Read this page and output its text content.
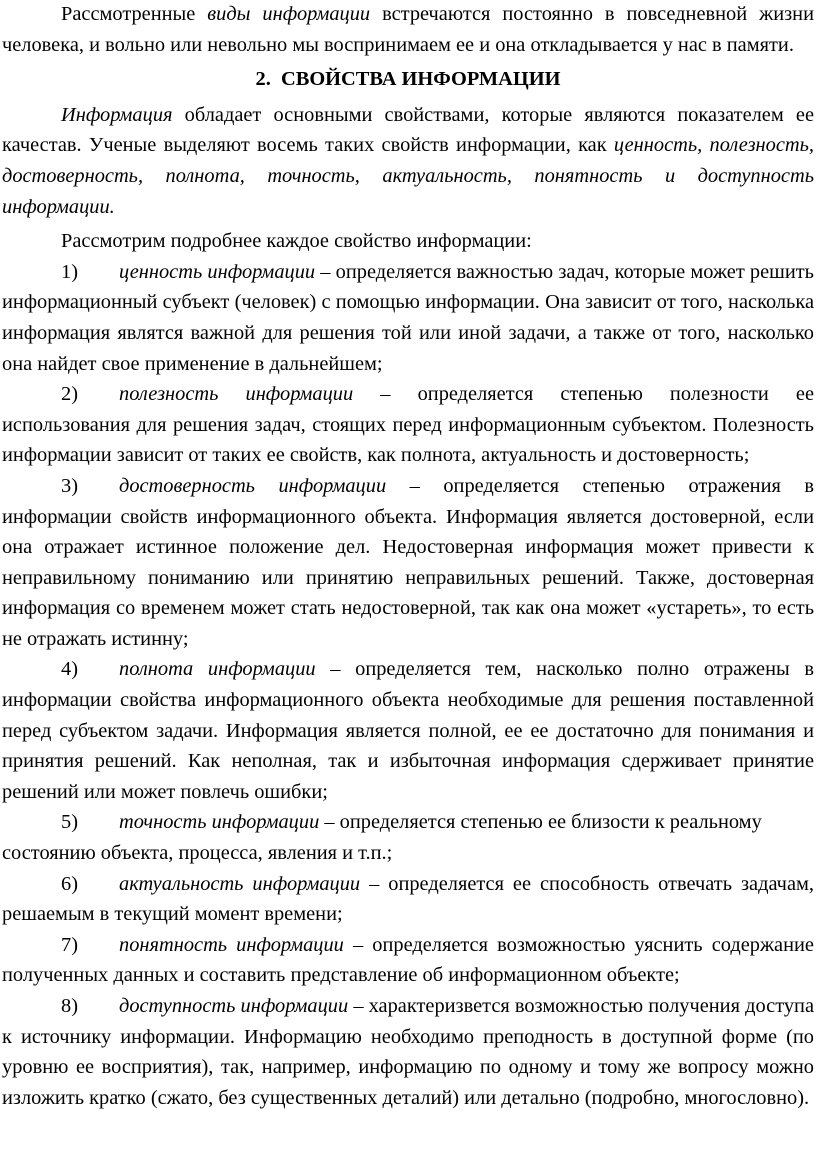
Рассмотренные виды информации встречаются постоянно в повседневной жизни человека, и вольно или невольно мы воспринимаем ее и она откладывается у нас в памяти.

2. СВОЙСТВА ИНФОРМАЦИИ

Информация обладает основными свойствами, которые являются показателем ее качестав. Ученые выделяют восемь таких свойств информации, как ценность, полезность, достоверность, полнота, точность, актуальность, понятность и доступность информации.

Рассмотрим подробнее каждое свойство информации:

1) ценность информации – определяется важностью задач, которые может решить информационный субъект (человек) с помощью информации. Она зависит от того, насколька информация являтся важной для решения той или иной задачи, а также от того, насколько она найдет свое применение в дальнейшем;

2) полезность информации – определяется степенью полезности ее использования для решения задач, стоящих перед информационным субъектом. Полезность информации зависит от таких ее свойств, как полнота, актуальность и достоверность;

3) достоверность информации – определяется степенью отражения в информации свойств информационного объекта. Информация является достоверной, если она отражает истинное положение дел. Недостоверная информация может привести к неправильному пониманию или принятию неправильных решений. Также, достоверная информация со временем может стать недостоверной, так как она может «устареть», то есть не отражать истинну;

4) полнота информации – определяется тем, насколько полно отражены в информации свойства информационного объекта необходимые для решения поставленной перед субъектом задачи. Информация является полной, ее ее достаточно для понимания и принятия решений. Как неполная, так и избыточная информация сдерживает принятие решений или может повлечь ошибки;

5) точность информации – определяется степенью ее близости к реальному состоянию объекта, процесса, явления и т.п.;

6) актуальность информации – определяется ее способность отвечать задачам, решаемым в текущий момент времени;

7) понятность информации – определяется возможностью уяснить содержание полученных данных и составить представление об информационном объекте;

8) доступность информации – характеризвется возможностью получения доступа к источнику информации. Информацию необходимо преподность в доступной форме (по уровню ее восприятия), так, например, информацию по одному и тому же вопросу можно изложить кратко (сжато, без существенных деталий) или детально (подробно, многословно).
